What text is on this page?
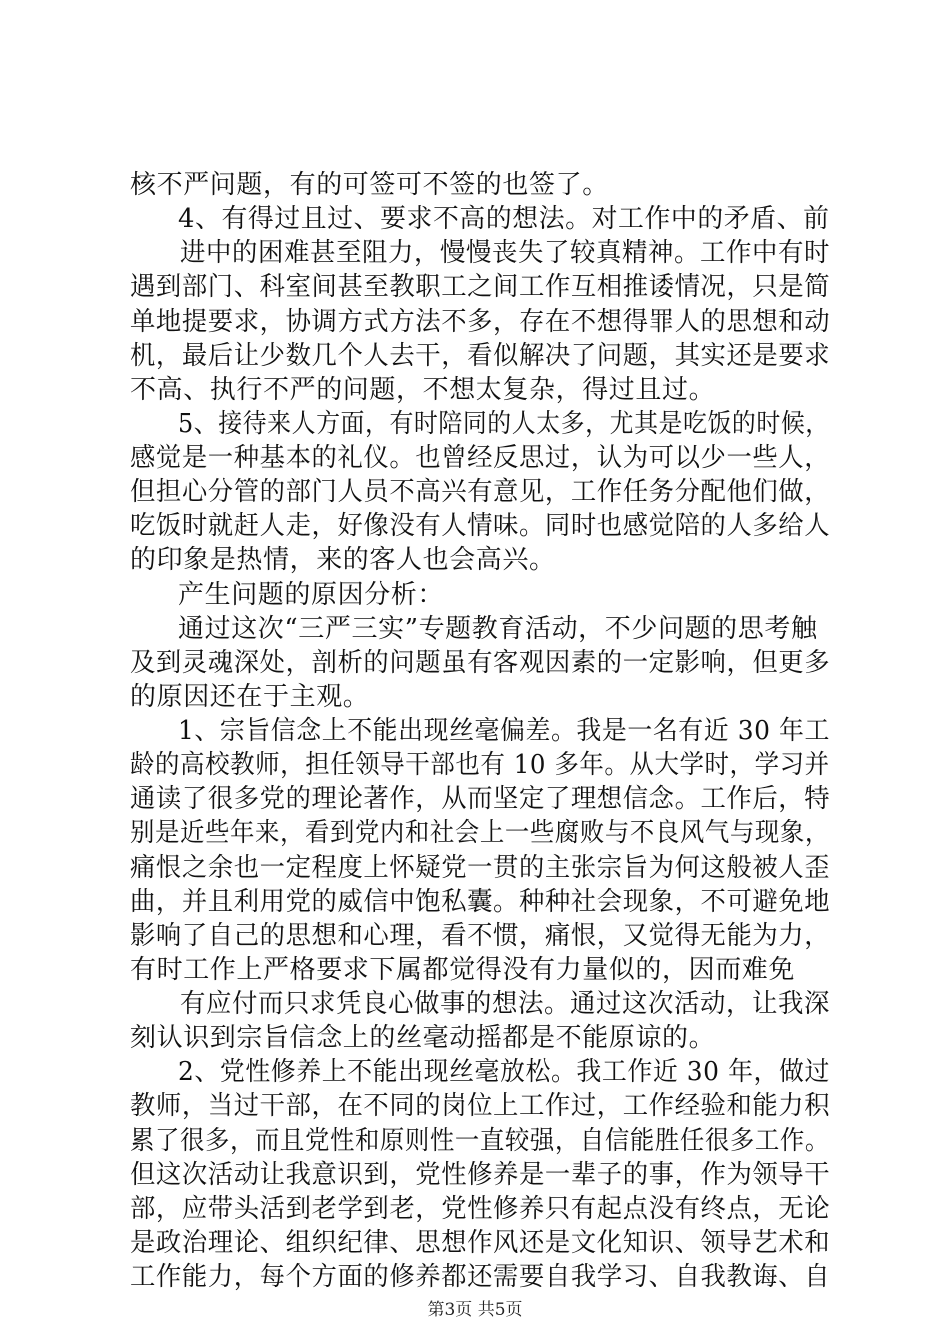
核不严问题，有的可签可不签的也签了。
4、有得过且过、要求不高的想法。对工作中的矛盾、前
进中的困难甚至阻力，慢慢丧失了较真精神。工作中有时
遇到部门、科室间甚至教职工之间工作互相推诿情况，只是简
单地提要求，协调方式方法不多，存在不想得罪人的思想和动
机，最后让少数几个人去干，看似解决了问题，其实还是要求
不高、执行不严的问题，不想太复杂，得过且过。
5、接待来人方面，有时陪同的人太多，尤其是吃饭的时候，
感觉是一种基本的礼仪。也曾经反思过，认为可以少一些人，
但担心分管的部门人员不高兴有意见，工作任务分配他们做，
吃饭时就赶人走，好像没有人情味。同时也感觉陪的人多给人
的印象是热情，来的客人也会高兴。
产生问题的原因分析：
通过这次“三严三实”专题教育活动，不少问题的思考触
及到灵魂深处，剖析的问题虽有客观因素的一定影响，但更多
的原因还在于主观。
1、宗旨信念上不能出现丝毫偏差。我是一名有近 30 年工
龄的高校教师，担任领导干部也有 10 多年。从大学时，学习并
通读了很多党的理论著作，从而坚定了理想信念。工作后，特
别是近些年来，看到党内和社会上一些腐败与不良风气与现象，
痛恨之余也一定程度上怀疑党一贯的主张宗旨为何这般被人歪
曲，并且利用党的威信中饱私囊。种种社会现象，不可避免地
影响了自己的思想和心理，看不惯，痛恨，又觉得无能为力，
有时工作上严格要求下属都觉得没有力量似的，因而难免
有应付而只求凭良心做事的想法。通过这次活动，让我深
刻认识到宗旨信念上的丝毫动摇都是不能原谅的。
2、党性修养上不能出现丝毫放松。我工作近 30 年，做过
教师，当过干部，在不同的岗位上工作过，工作经验和能力积
累了很多，而且党性和原则性一直较强，自信能胜任很多工作。
但这次活动让我意识到，党性修养是一辈子的事，作为领导干
部，应带头活到老学到老，党性修养只有起点没有终点，无论
是政治理论、组织纪律、思想作风还是文化知识、领导艺术和
工作能力，每个方面的修养都还需要自我学习、自我教诲、自
第3页 共5页
